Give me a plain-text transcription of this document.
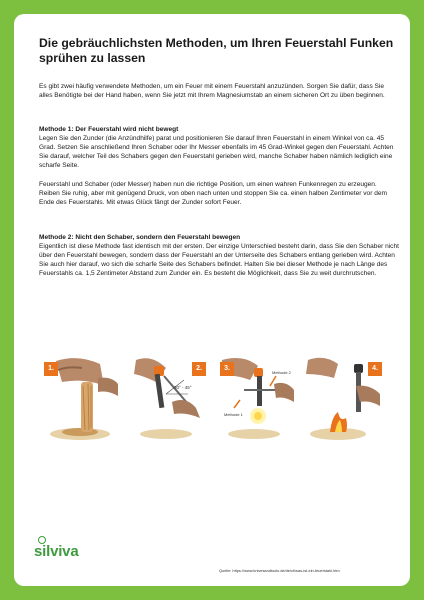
Die gebräuchlichsten Methoden, um Ihren Feuerstahl Funken sprühen zu lassen

Es gibt zwei häufig verwendete Methoden, um ein Feuer mit einem Feuerstahl anzuzünden. Sorgen Sie dafür, dass Sie alles Benötigte bei der Hand haben, wenn Sie jetzt mit Ihrem Magnesiumstab an einem sicheren Ort zu üben beginnen.

Methode 1: Der Feuerstahl wird nicht bewegt

Legen Sie den Zunder (die Anzündhilfe) parat und positionieren Sie darauf Ihren Feuerstahl in einem Winkel von ca. 45 Grad. Setzen Sie anschließend Ihren Schaber oder Ihr Messer ebenfalls im 45 Grad-Winkel gegen den Feuerstahl. Achten Sie darauf, welcher Teil des Schabers gegen den Feuerstahl gerieben wird, manche Schaber haben nämlich lediglich eine scharfe Seite.

Feuerstahl und Schaber (oder Messer) haben nun die richtige Position, um einen wahren Funkenregen zu erzeugen. Reiben Sie ruhig, aber mit genügend Druck, von oben nach unten und stoppen Sie ca. einen halben Zentimeter vor dem Ende des Feuerstahls. Mit etwas Glück fängt der Zunder sofort Feuer.

Methode 2: Nicht den Schaber, sondern den Feuerstahl bewegen

Eigentlich ist diese Methode fast identisch mit der ersten. Der einzige Unterschied besteht darin, dass Sie den Schaber nicht über den Feuerstahl bewegen, sondern dass der Feuerstahl an der Unterseite des Schabers entlang gerieben wird. Achten Sie auch hier darauf, wo sich die scharfe Seite des Schabers befindet. Halten Sie bei dieser Methode je nach Länge des Feuerstahls ca. 1,5 Zentimeter Abstand zum Zunder ein. Es besteht die Möglichkeit, dass Sie zu weit durchrutschen.

1.
30° - 45°
2.
Methode 1
Methode 2
3.	4.
silviva
Quelle: https://www.knivesandtools.de/de/ct/was-ist-ein-feuerstahl.htm
